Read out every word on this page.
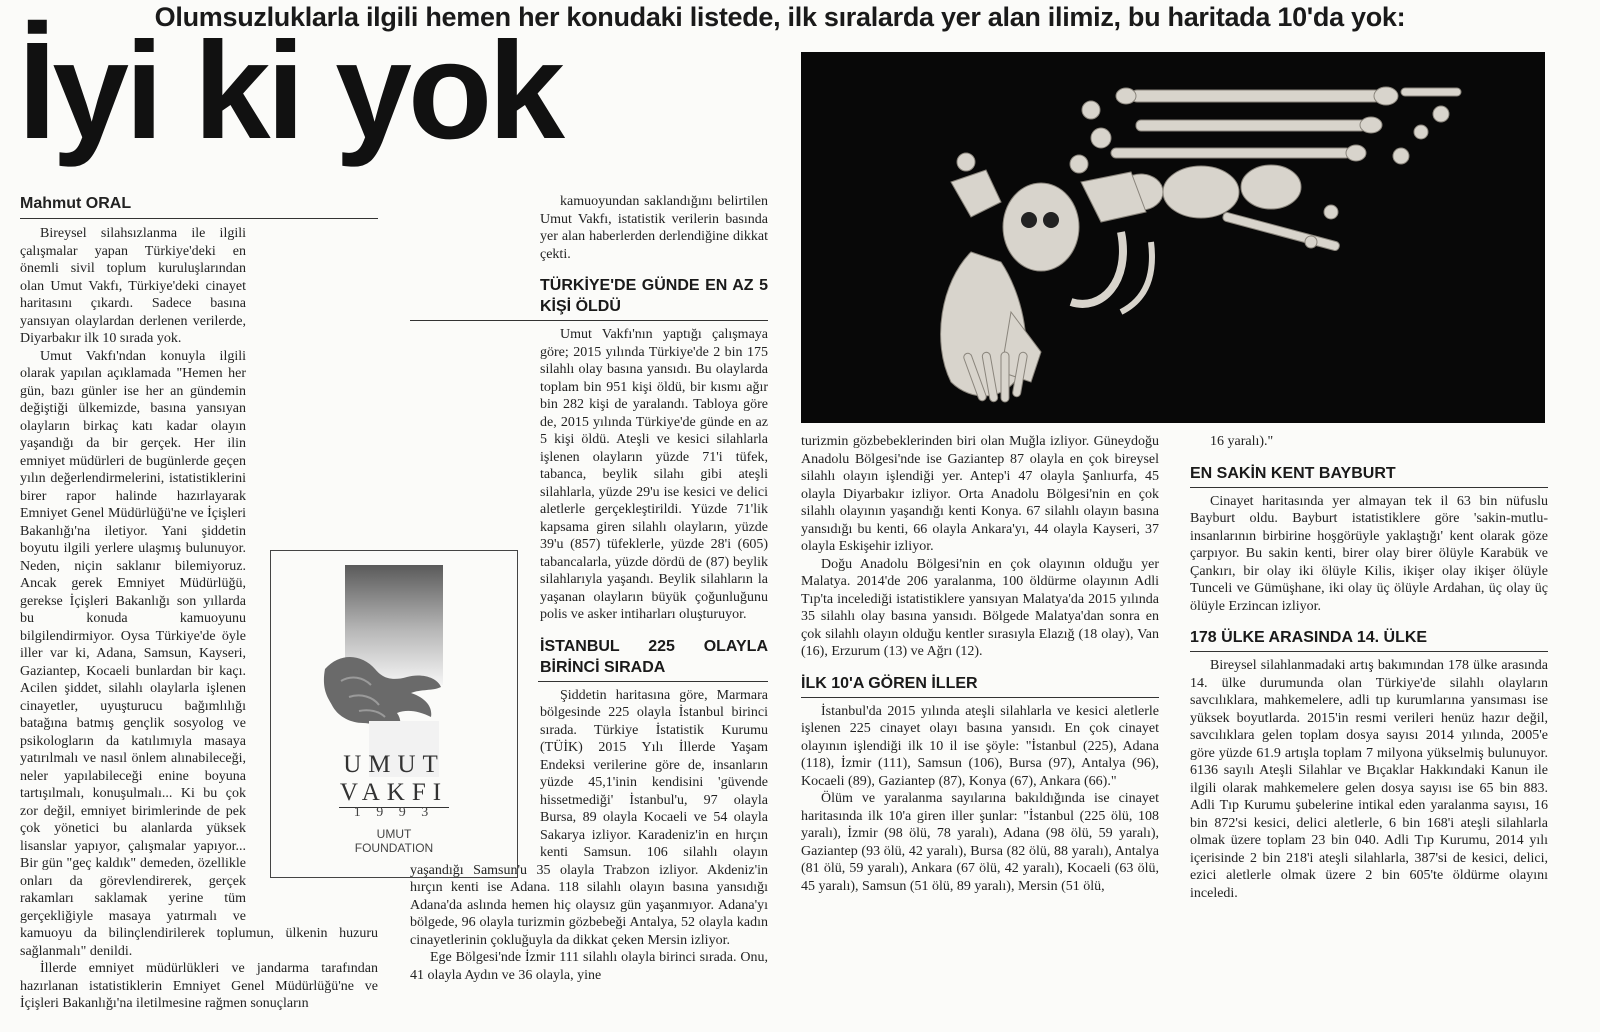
Olumsuzluklarla ilgili hemen her konudaki listede, ilk sıralarda yer alan ilimiz, bu haritada 10'da yok:
İyi ki yok
Mahmut ORAL

Bireysel silahsızlanma ile ilgili çalışmalar yapan Türkiye'deki en önemli sivil toplum kuruluşlarından olan Umut Vakfı, Türkiye'deki cinayet haritasını çıkardı. Sadece basına yansıyan olaylardan derlenen verilerde, Diyarbakır ilk 10 sırada yok.

Umut Vakfı'ndan konuyla ilgili olarak yapılan açıklamada "Hemen her gün, bazı günler ise her an gündemin değiştiği ülkemizde, basına yansıyan olayların birkaç katı kadar olayın yaşandığı da bir gerçek. Her ilin emniyet müdürleri de bugünlerde geçen yılın değerlendirmelerini, istatistiklerini birer rapor halinde hazırlayarak Emniyet Genel Müdürlüğü'ne ve İçişleri Bakanlığı'na iletiyor. Yani şiddetin boyutu ilgili yerlere ulaşmış bulunuyor. Neden, niçin saklanır bilemiyoruz. Ancak gerek Emniyet Müdürlüğü, gerekse İçişleri Bakanlığı son yıllarda bu konuda kamuoyunu bilgilendirmiyor. Oysa Türkiye'de öyle iller var ki, Adana, Samsun, Kayseri, Gaziantep, Kocaeli bunlardan bir kaçı. Acilen şiddet, silahlı olaylarla işlenen cinayetler, uyuşturucu bağımlılığı batağına batmış gençlik sosyolog ve psikologların da katılımıyla masaya yatırılmalı ve nasıl önlem alınabileceği, neler yapılabileceği enine boyuna tartışılmalı, konuşulmalı... Ki bu çok zor değil, emniyet birimlerinde de pek çok yönetici bu alanlarda yüksek lisanslar yapıyor, çalışmalar yapıyor... Bir gün "geç kaldık" demeden, özellikle onları da görevlendirerek, gerçek rakamları saklamak yerine tüm gerçekliğiyle masaya yatırmalı ve kamuoyu da bilinçlendirilerek toplumun, ülkenin huzuru sağlanmalı" denildi.

İllerde emniyet müdürlükleri ve jandarma tarafından hazırlanan istatistiklerin Emniyet Genel Müdürlüğü'ne ve İçişleri Bakanlığı'na iletilmesine rağmen sonuçların

UMUT
VAKFI
1 9 9 3
UMUT
FOUNDATION

kamuoyundan saklandığını belirtilen Umut Vakfı, istatistik verilerin basında yer alan haberlerden derlendiğine dikkat çekti.

TÜRKİYE'DE GÜNDE EN AZ 5 KİŞİ ÖLDÜ

Umut Vakfı'nın yaptığı çalışmaya göre; 2015 yılında Türkiye'de 2 bin 175 silahlı olay basına yansıdı. Bu olaylarda toplam bin 951 kişi öldü, bir kısmı ağır bin 282 kişi de yaralandı. Tabloya göre de, 2015 yılında Türkiye'de günde en az 5 kişi öldü. Ateşli ve kesici silahlarla işlenen olayların yüzde 71'i tüfek, tabanca, beylik silahı gibi ateşli silahlarla, yüzde 29'u ise kesici ve delici aletlerle gerçekleştirildi. Yüzde 71'lik kapsama giren silahlı olayların, yüzde 39'u (857) tüfeklerle, yüzde 28'i (605) tabancalarla, yüzde dördü de (87) beylik silahlarıyla yaşandı. Beylik silahların la yaşanan olayların büyük çoğunluğunu polis ve asker intiharları oluşturuyor.

İSTANBUL 225 OLAYLA BİRİNCİ SIRADA

Şiddetin haritasına göre, Marmara bölgesinde 225 olayla İstanbul birinci sırada. Türkiye İstatistik Kurumu (TÜİK) 2015 Yılı İllerde Yaşam Endeksi verilerine göre de, insanların yüzde 45,1'inin kendisini 'güvende hissetmediği' İstanbul'u, 97 olayla Bursa, 89 olayla Kocaeli ve 54 olayla Sakarya izliyor. Karadeniz'in en hırçın kenti Samsun. 106 silahlı olayın yaşandığı Samsun'u 35 olayla Trabzon izliyor. Akdeniz'in hırçın kenti ise Adana. 118 silahlı olayın basına yansıdığı Adana'da aslında hemen hiç olaysız gün yaşanmıyor. Adana'yı bölgede, 96 olayla turizmin gözbebeği Antalya, 52 olayla kadın cinayetlerinin çokluğuyla da dikkat çeken Mersin izliyor.

Ege Bölgesi'nde İzmir 111 silahlı olayla birinci sırada. Onu, 41 olayla Aydın ve 36 olayla, yine

turizmin gözbebeklerinden biri olan Muğla izliyor. Güneydoğu Anadolu Bölgesi'nde ise Gaziantep 87 olayla en çok bireysel silahlı olayın işlendiği yer. Antep'i 47 olayla Şanlıurfa, 45 olayla Diyarbakır izliyor. Orta Anadolu Bölgesi'nin en çok silahlı olayının yaşandığı kenti Konya. 67 silahlı olayın basına yansıdığı bu kenti, 66 olayla Ankara'yı, 44 olayla Kayseri, 37 olayla Eskişehir izliyor.

Doğu Anadolu Bölgesi'nin en çok olayının olduğu yer Malatya. 2014'de 206 yaralanma, 100 öldürme olayının Adli Tıp'ta incelediği istatistiklere yansıyan Malatya'da 2015 yılında 35 silahlı olay basına yansıdı. Bölgede Malatya'dan sonra en çok silahlı olayın olduğu kentler sırasıyla Elazığ (18 olay), Van (16), Erzurum (13) ve Ağrı (12).

İLK 10'A GÖREN İLLER

İstanbul'da 2015 yılında ateşli silahlarla ve kesici aletlerle işlenen 225 cinayet olayı basına yansıdı. En çok cinayet olayının işlendiği ilk 10 il ise şöyle: "İstanbul (225), Adana (118), İzmir (111), Samsun (106), Bursa (97), Antalya (96), Kocaeli (89), Gaziantep (87), Konya (67), Ankara (66)."

Ölüm ve yaralanma sayılarına bakıldığında ise cinayet haritasında ilk 10'a giren iller şunlar: "İstanbul (225 ölü, 108 yaralı), İzmir (98 ölü, 78 yaralı), Adana (98 ölü, 59 yaralı), Gaziantep (93 ölü, 42 yaralı), Bursa (82 ölü, 88 yaralı), Antalya (81 ölü, 59 yaralı), Ankara (67 ölü, 42 yaralı), Kocaeli (63 ölü, 45 yaralı), Samsun (51 ölü, 89 yaralı), Mersin (51 ölü,

16 yaralı)."

EN SAKİN KENT BAYBURT

Cinayet haritasında yer almayan tek il 63 bin nüfuslu Bayburt oldu. Bayburt istatistiklere göre 'sakin-mutlu-insanlarının birbirine hoşgörüyle yaklaştığı' kent olarak göze çarpıyor. Bu sakin kenti, birer olay birer ölüyle Karabük ve Çankırı, bir olay iki ölüyle Kilis, ikişer olay ikişer ölüyle Tunceli ve Gümüşhane, iki olay üç ölüyle Ardahan, üç olay üç ölüyle Erzincan izliyor.

178 ÜLKE ARASINDA 14. ÜLKE

Bireysel silahlanmadaki artış bakımından 178 ülke arasında 14. ülke durumunda olan Türkiye'de silahlı olayların savcılıklara, mahkemelere, adli tıp kurumlarına yansıması ise yüksek boyutlarda. 2015'in resmi verileri henüz hazır değil, savcılıklara gelen toplam dosya sayısı 2014 yılında, 2005'e göre yüzde 61.9 artışla toplam 7 milyona yükselmiş bulunuyor. 6136 sayılı Ateşli Silahlar ve Bıçaklar Hakkındaki Kanun ile ilgili olarak mahkemelere gelen dosya sayısı ise 65 bin 883. Adli Tıp Kurumu şubelerine intikal eden yaralanma sayısı, 16 bin 872'si kesici, delici aletlerle, 6 bin 168'i ateşli silahlarla olmak üzere toplam 23 bin 040. Adli Tıp Kurumu, 2014 yılı içerisinde 2 bin 218'i ateşli silahlarla, 387'si de kesici, delici, ezici aletlerle olmak üzere 2 bin 605'te öldürme olayını inceledi.
